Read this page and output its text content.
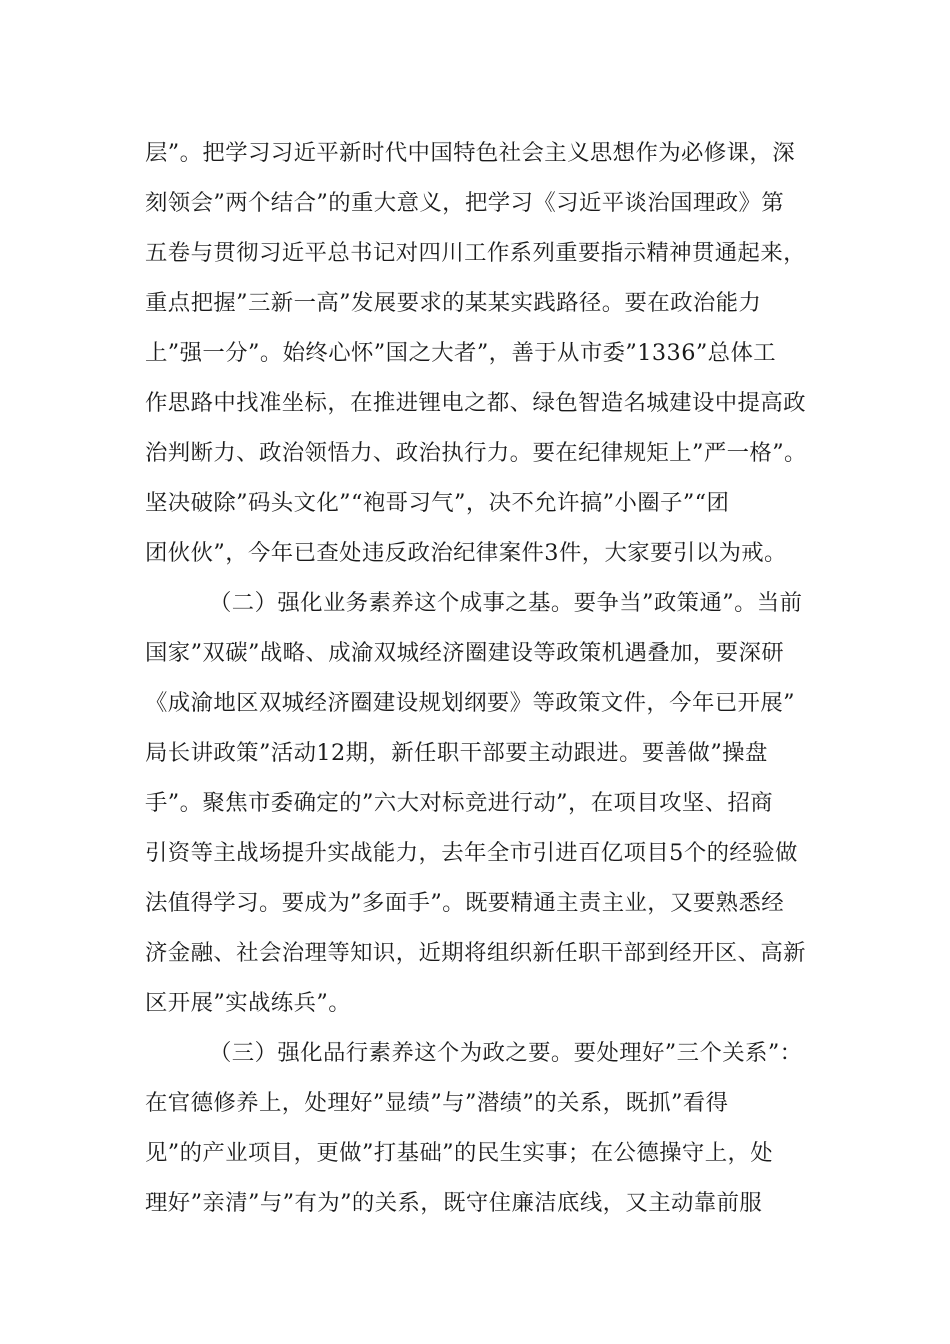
层”。把学习习近平新时代中国特色社会主义思想作为必修课，深
刻领会”两个结合”的重大意义，把学习《习近平谈治国理政》第
五卷与贯彻习近平总书记对四川工作系列重要指示精神贯通起来，
重点把握”三新一高”发展要求的某某实践路径。要在政治能力
上”强一分”。始终心怀”国之大者”，善于从市委”1336”总体工
作思路中找准坐标，在推进锂电之都、绿色智造名城建设中提高政
治判断力、政治领悟力、政治执行力。要在纪律规矩上”严一格”。
坚决破除”码头文化”“袍哥习气”，决不允许搞”小圈子”“团
团伙伙”，今年已查处违反政治纪律案件3件，大家要引以为戒。
（二）强化业务素养这个成事之基。要争当”政策通”。当前
国家”双碳”战略、成渝双城经济圈建设等政策机遇叠加，要深研
《成渝地区双城经济圈建设规划纲要》等政策文件，今年已开展”
局长讲政策”活动12期，新任职干部要主动跟进。要善做”操盘
手”。聚焦市委确定的”六大对标竞进行动”，在项目攻坚、招商
引资等主战场提升实战能力，去年全市引进百亿项目5个的经验做
法值得学习。要成为”多面手”。既要精通主责主业，又要熟悉经
济金融、社会治理等知识，近期将组织新任职干部到经开区、高新
区开展”实战练兵”。
（三）强化品行素养这个为政之要。要处理好”三个关系”：
在官德修养上，处理好”显绩”与”潜绩”的关系，既抓”看得
见”的产业项目，更做”打基础”的民生实事；在公德操守上，处
理好”亲清”与”有为”的关系，既守住廉洁底线，又主动靠前服
